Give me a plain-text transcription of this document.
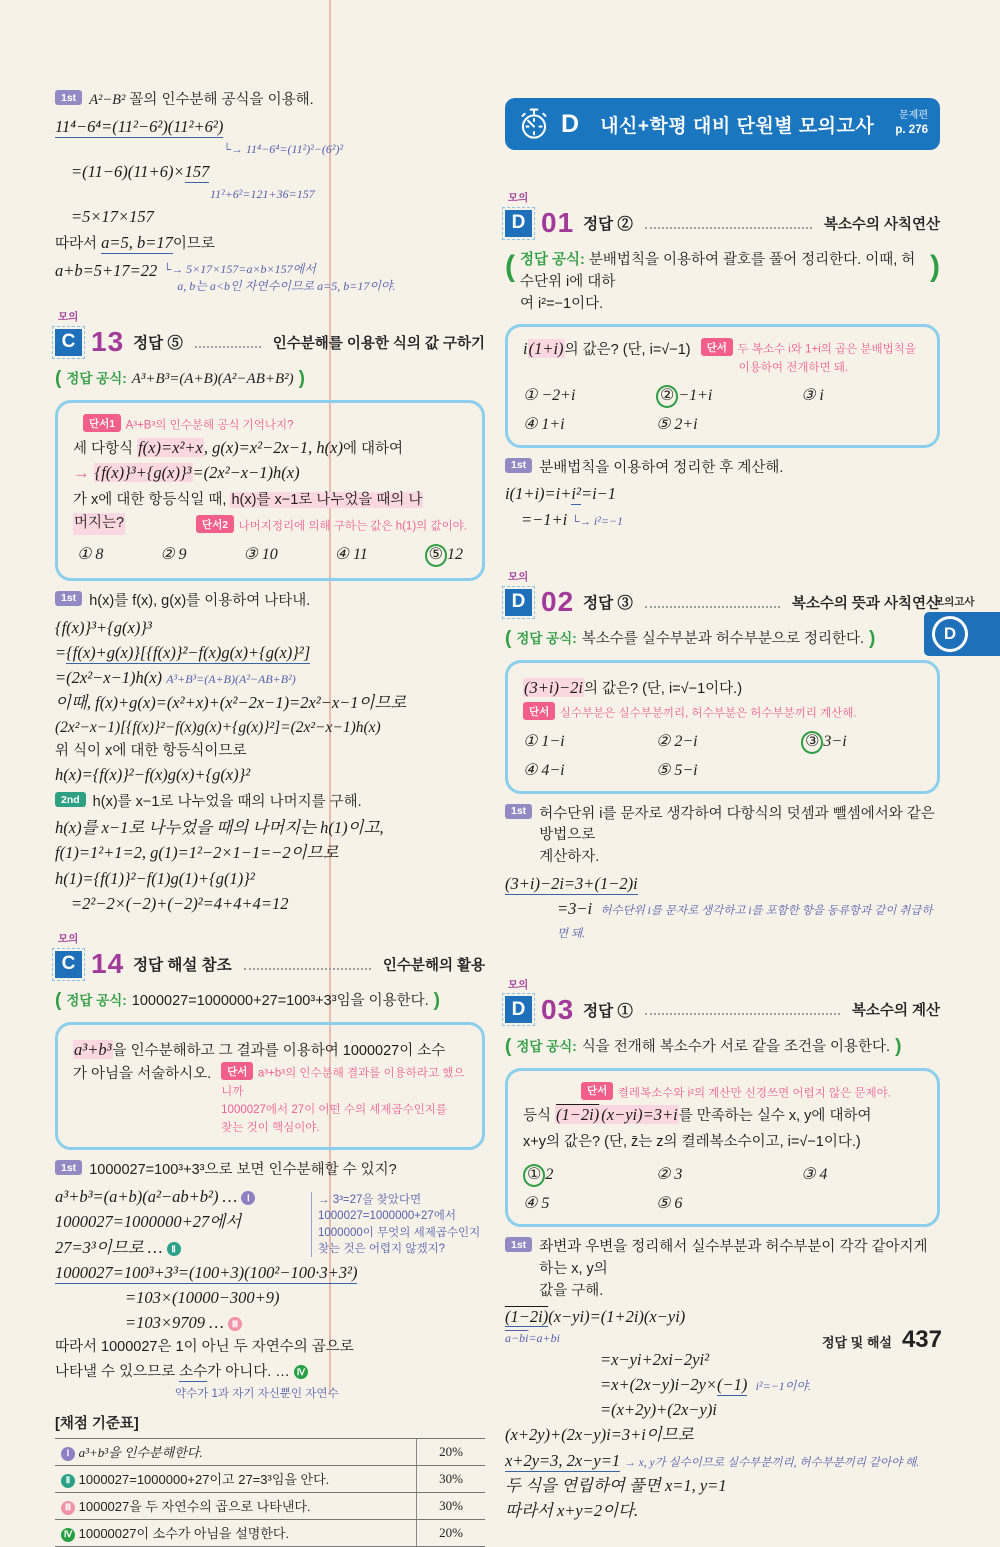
1st A²−B² 꼴의 인수분해 공식을 이용해.
11⁴−6⁴=(11²−6²)(11²+6²)
└→ 11⁴−6⁴=(11²)²−(6²)²
=(11−6)(11+6)×157
11²+6²=121+36=157
=5×17×157
따라서 a=5, b=17이므로
a+b=5+17=22 └→ 5×17×157=a×b×157에서
a, b는 a<b인 자연수이므로 a=5, b=17이야.
모의
C 13 정답 ⑤	인수분해를 이용한 식의 값 구하기
( 정답 공식: A³+B³=(A+B)(A²−AB+B²) )
단서1 A³+B³의 인수분해 공식 기억나지?
세 다항식 f(x)=x²+x, g(x)=x²−2x−1, h(x)에 대하여
→ {f(x)}³+{g(x)}³=(2x²−x−1)h(x)
가 x에 대한 항등식일 때, h(x)를 x−1로 나누었을 때의 나
머지는?	단서2 나머지정리에 의해 구하는 값은 h(1)의 값이야.
① 8	② 9	③ 10	④ 11	⑤ 12
1st h(x)를 f(x), g(x)를 이용하여 나타내.
{f(x)}³+{g(x)}³
={f(x)+g(x)}[{f(x)}²−f(x)g(x)+{g(x)}²]
=(2x²−x−1)h(x) A³+B³=(A+B)(A²−AB+B²)
이때, f(x)+g(x)=(x²+x)+(x²−2x−1)=2x²−x−1이므로
(2x²−x−1)[{f(x)}²−f(x)g(x)+{g(x)}²]=(2x²−x−1)h(x)
위 식이 x에 대한 항등식이므로
h(x)={f(x)}²−f(x)g(x)+{g(x)}²
2nd h(x)를 x−1로 나누었을 때의 나머지를 구해.
h(x)를 x−1로 나누었을 때의 나머지는 h(1)이고,
f(1)=1²+1=2, g(1)=1²−2×1−1=−2이므로
h(1)={f(1)}²−f(1)g(1)+{g(1)}²
=2²−2×(−2)+(−2)²=4+4+4=12
모의
C 14 정답 해설 참조	인수분해의 활용
( 정답 공식: 1000027=1000000+27=100³+3³임을 이용한다. )
a³+b³을 인수분해하고 그 결과를 이용하여 1000027이 소수
가 아님을 서술하시오.	단서 a³+b³의 인수분해 결과를 이용하라고 했으니까
1000027에서 27이 어떤 수의 세제곱수인지를
찾는 것이 핵심이야.
1st 1000027=100³+3³으로 보면 인수분해할 수 있지?
a³+b³=(a+b)(a²−ab+b²) … Ⅰ
1000027=1000000+27에서
27=3³이므로 … Ⅱ
→ 3³=27을 찾았다면
1000027=1000000+27에서
1000000이 무엇의 세제곱수인지
찾는 것은 어렵지 않겠지?
1000027=100³+3³=(100+3)(100²−100·3+3²)
=103×(10000−300+9)
=103×9709 … Ⅲ
따라서 1000027은 1이 아닌 두 자연수의 곱으로
나타낼 수 있으므로 소수가 아니다. … Ⅳ
약수가 1과 자기 자신뿐인 자연수
[채점 기준표]
Ⅰ a³+b³을 인수분해한다.	20%
Ⅱ 1000027=1000000+27이고 27=3³임을 안다.	30%
Ⅲ 1000027을 두 자연수의 곱으로 나타낸다.	30%
Ⅳ 10000027이 소수가 아님을 설명한다.	20%
D	내신+학평 대비 단원별 모의고사	문제편
p. 276
모의
D 01 정답 ②	복소수의 사칙연산
( 정답 공식: 분배법칙을 이용하여 괄호를 풀어 정리한다. 이때, 허수단위 i에 대하
여 i²=−1이다.
)
i(1+i)의 값은? (단, i=√−1)	단서 두 복소수 i와 1+i의 곱은 분배법칙을
이용하여 전개하면 돼.
① −2+i	② −1+i	③ i
④ 1+i	⑤ 2+i
1st 분배법칙을 이용하여 정리한 후 계산해.
i(1+i)=i+i²=i−1
=−1+i └→ i²=−1
모의
D 02 정답 ③	복소수의 뜻과 사칙연산
( 정답 공식: 복소수를 실수부분과 허수부분으로 정리한다. )
(3+i)−2i의 값은? (단, i=√−1이다.)
단서 실수부분은 실수부분끼리, 허수부분은 허수부분끼리 계산해.
① 1−i	② 2−i	③ 3−i
④ 4−i	⑤ 5−i
1st 허수단위 i를 문자로 생각하여 다항식의 덧셈과 뺄셈에서와 같은 방법으로
계산하자.
(3+i)−2i=3+(1−2)i
=3−i 허수단위 i를 문자로 생각하고 i를 포함한 항을 동류항과 같이 취급하면 돼.
모의
D 03 정답 ①	복소수의 계산
( 정답 공식: 식을 전개해 복소수가 서로 같을 조건을 이용한다. )
단서 켤레복소수와 i²의 계산만 신경쓰면 어렵지 않은 문제야.
등식 (1−2i) (x−yi)=3+i를 만족하는 실수 x, y에 대하여
x+y의 값은? (단, z̄는 z의 켤레복소수이고, i=√−1이다.)
① 2	② 3	③ 4
④ 5	⑤ 6
1st 좌변과 우변을 정리해서 실수부분과 허수부분이 각각 같아지게 하는 x, y의
값을 구해.
(1−2i)(x−yi)=(1+2i)(x−yi)
a−bi=a+bi
=x−yi+2xi−2yi²
=x+(2x−y)i−2y×(−1) i²=−1이야.
=(x+2y)+(2x−y)i
(x+2y)+(2x−y)i=3+i이므로
x+2y=3, 2x−y=1 → x, y가 실수이므로 실수부분끼리, 허수부분끼리 같아야 해.
두 식을 연립하여 풀면 x=1, y=1
따라서 x+y=2이다.
모의고사
D
정답 및 해설 437
